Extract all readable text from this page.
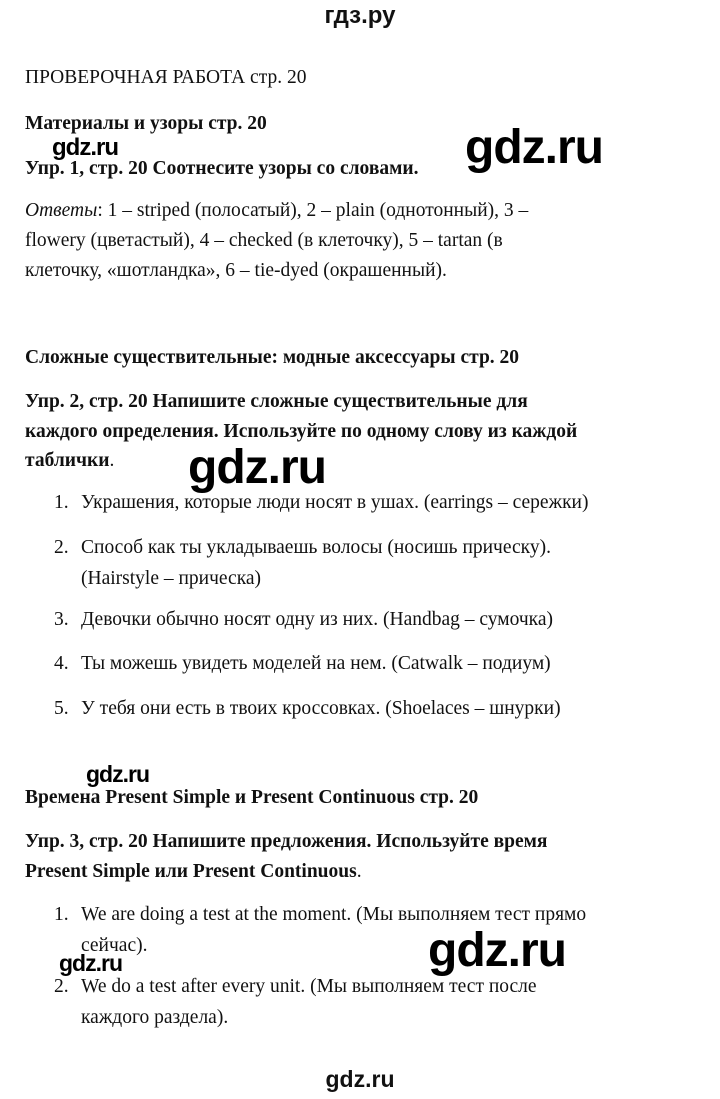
гдз.ру
ПРОВЕРОЧНАЯ РАБОТА стр. 20
Материалы и узоры стр. 20
Упр. 1, стр. 20 Соотнесите узоры со словами.
Ответы: 1 – striped (полосатый), 2 – plain (однотонный), 3 –
flowery (цветастый), 4 – checked (в клеточку), 5 – tartan (в
клеточку, «шотландка», 6 – tie-dyed (окрашенный).
Сложные существительные: модные аксессуары стр. 20
Упр. 2, стр. 20 Напишите сложные существительные для
каждого определения. Используйте по одному слову из каждой
таблички.
1. Украшения, которые люди носят в ушах. (earrings – сережки)
2. Способ как ты укладываешь волосы (носишь прическу).
(Hairstyle – прическа)
3. Девочки обычно носят одну из них. (Handbag – сумочка)
4. Ты можешь увидеть моделей на нем. (Catwalk – подиум)
5. У тебя они есть в твоих кроссовках. (Shoelaces – шнурки)
Времена Present Simple и Present Continuous стр. 20
Упр. 3, стр. 20 Напишите предложения. Используйте время
Present Simple или Present Continuous.
1. We are doing a test at the moment. (Мы выполняем тест прямо
сейчас).
2. We do a test after every unit. (Мы выполняем тест после
каждого раздела).
gdz.ru
gdz.ru
gdz.ru
gdz.ru
gdz.ru
gdz.ru
gdz.ru
